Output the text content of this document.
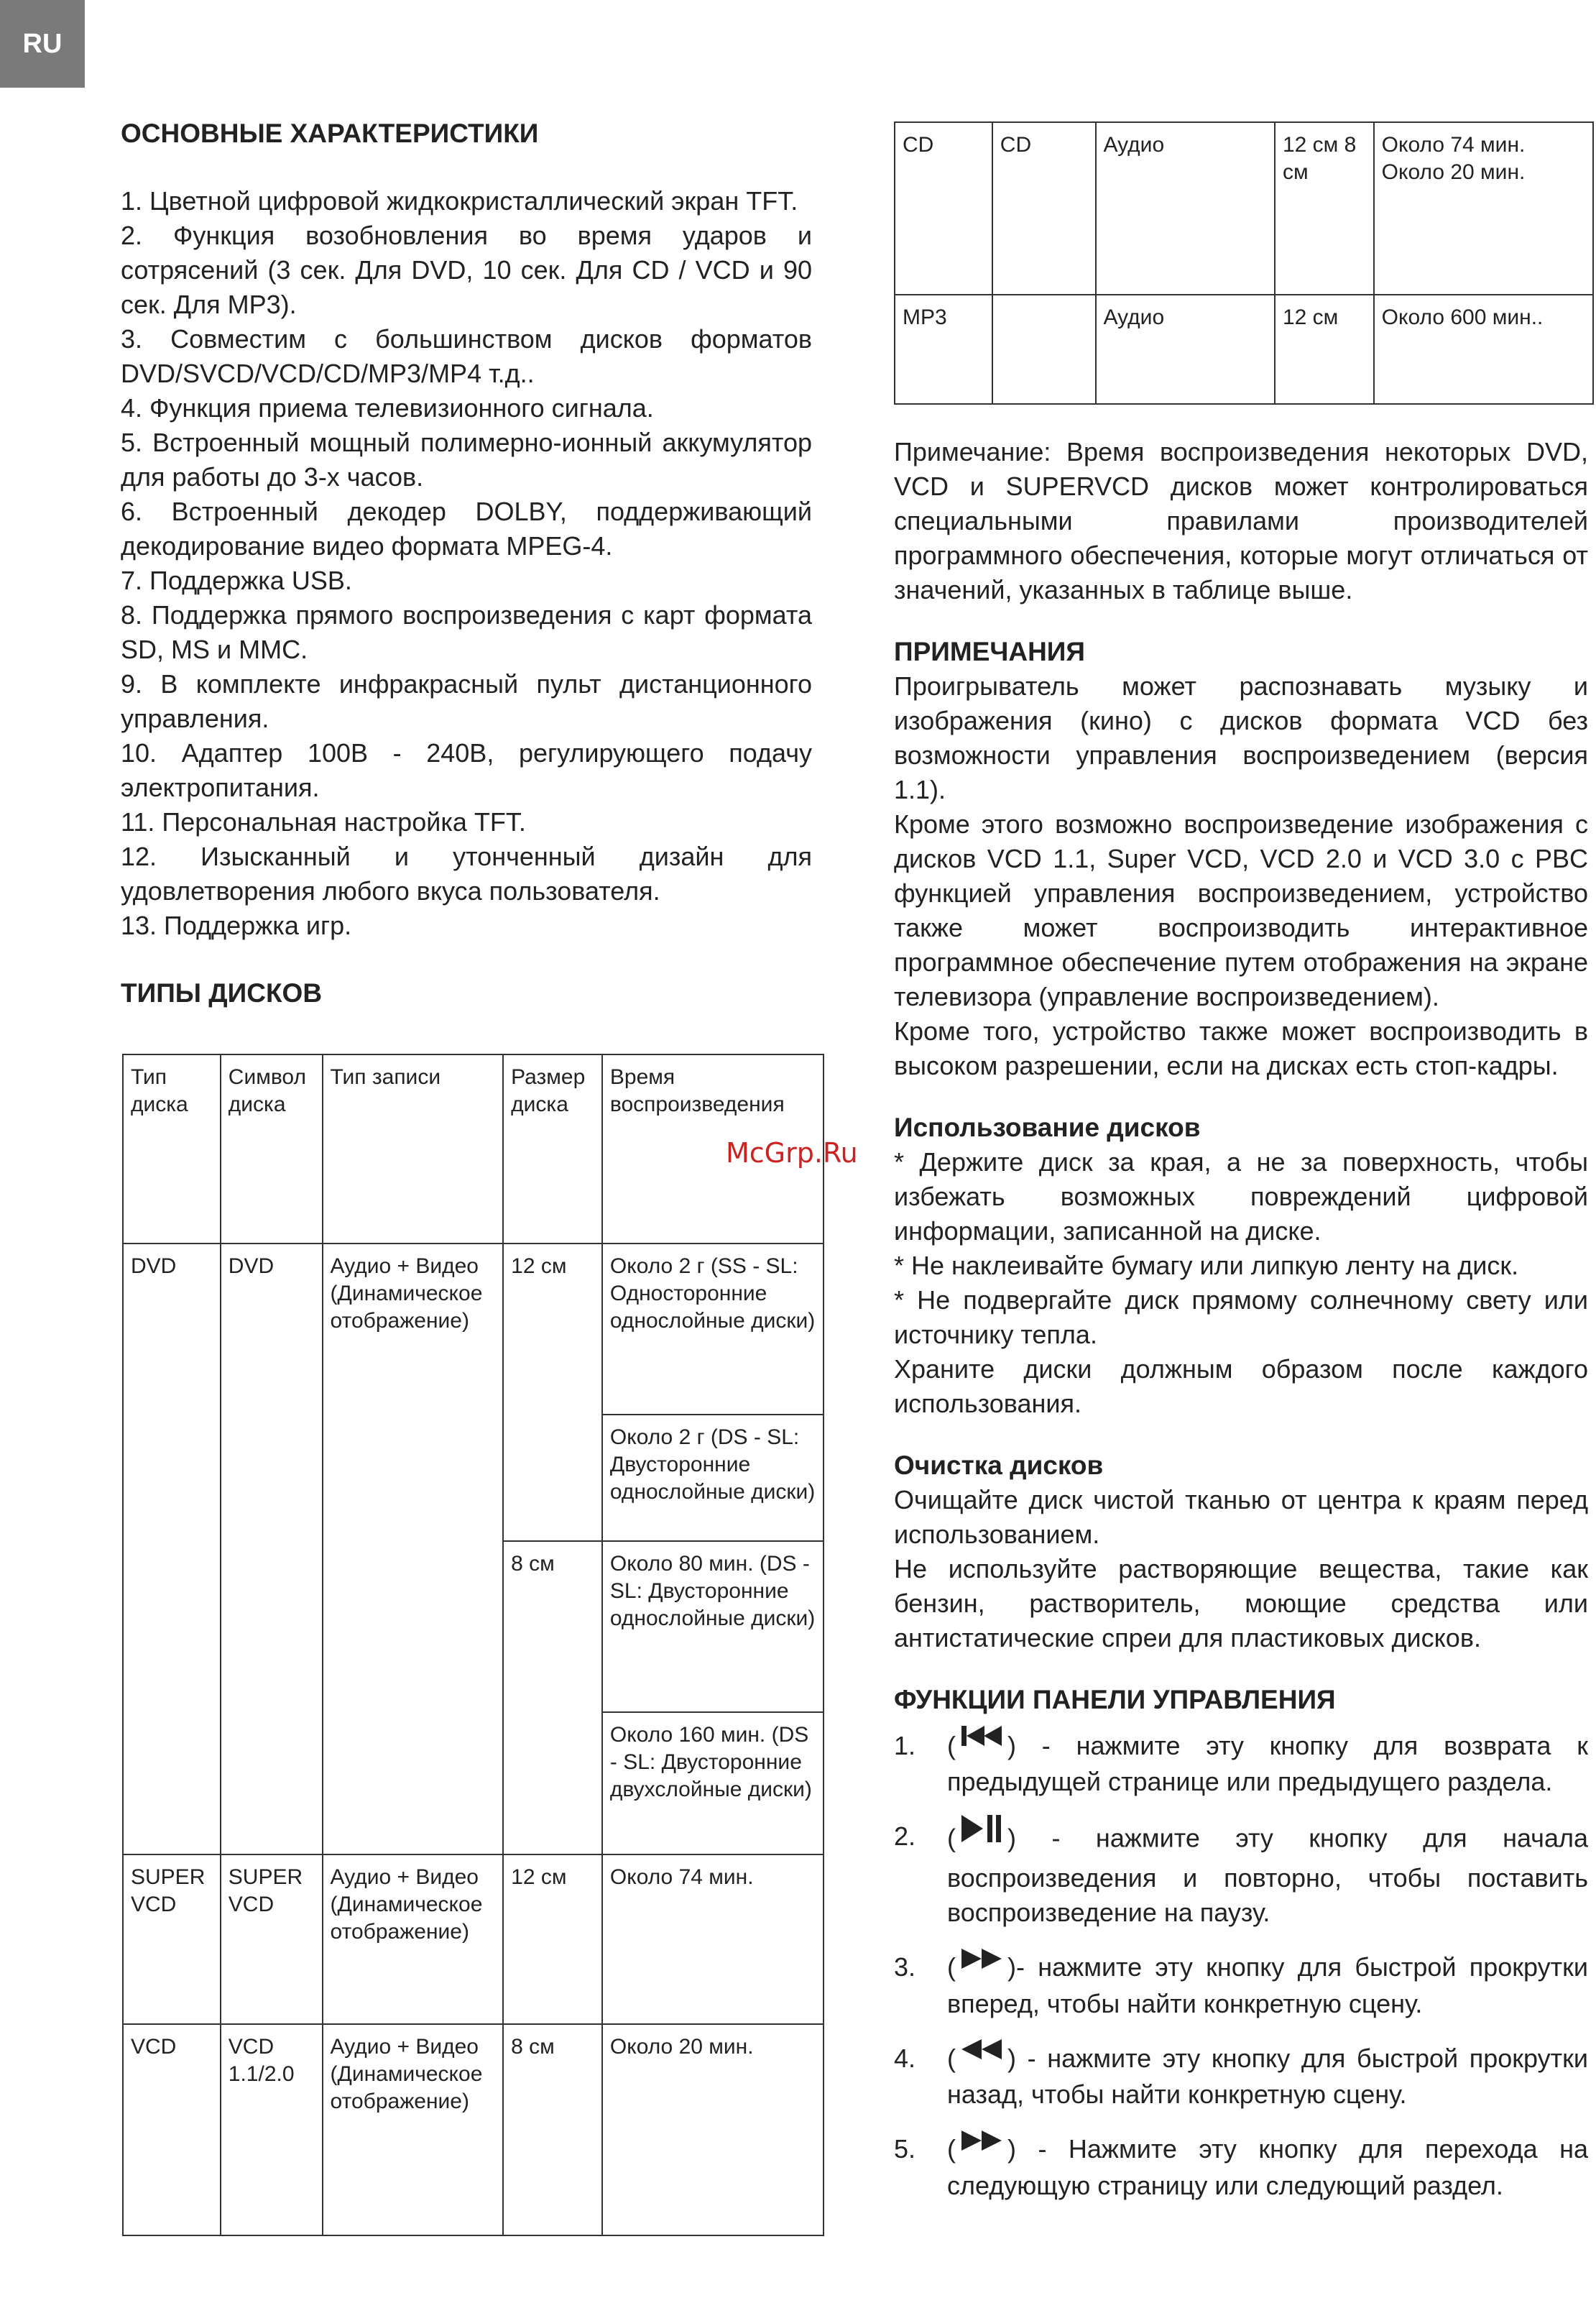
RU
ОСНОВНЫЕ ХАРАКТЕРИСТИКИ

1. Цветной цифровой жидкокристаллический экран TFT.

2. Функция возобновления во время ударов и сотрясений (3 сек. Для DVD, 10 сек. Для CD / VCD и 90 сек. Для MP3).

3. Совместим с большинством дисков форматов DVD/SVCD/VCD/CD/MP3/MP4 т.д..

4. Функция приема телевизионного сигнала.

5. Встроенный мощный полимерно-ионный аккумулятор для работы до 3-х часов.

6. Встроенный декодер DOLBY, поддерживающий декодирование видео формата MPEG-4.

7. Поддержка USB.

8. Поддержка прямого воспроизведения с карт формата SD, MS и MMC.

9. В комплекте инфракрасный пульт дистанционного управления.

10. Адаптер 100В - 240В, регулирующего подачу электропитания.

11. Персональная настройка TFT.

12. Изысканный и утонченный дизайн для удовлетворения любого вкуса пользователя.

13. Поддержка игр.

ТИПЫ ДИСКОВ
Тип диска	Символ диска	Тип записи	Размер диска	Время воспроизведения
DVD	DVD	Аудио + Видео (Динамическое отображение)	12 см	Около 2 г (SS - SL: Односторонние однослойные диски)
				Около 2 г (DS - SL: Двусторонние однослойные диски)
			8 см	Около 80 мин. (DS - SL: Двусторонние однослойные диски)
				Около 160 мин. (DS - SL: Двусторонние двухслойные диски)
SUPER VCD	SUPER VCD	Аудио + Видео (Динамическое отображение)	12 см	Около 74 мин.
VCD	VCD 1.1/2.0	Аудио + Видео (Динамическое отображение)	8 см	Около 20 мин.
McGrp.Ru
CD	CD	Аудио	12 см 8 см	Около 74 мин. Около 20 мин.
MP3		Аудио	12 см	Около 600 мин..

Примечание: Время воспроизведения некоторых DVD, VCD и SUPERVCD дисков может контролироваться специальными правилами производителей программного обеспечения, которые могут отличаться от значений, указанных в таблице выше.

ПРИМЕЧАНИЯ

Проигрыватель может распознавать музыку и изображения (кино) с дисков формата VCD без возможности управления воспроизведением (версия 1.1).

Кроме этого возможно воспроизведение изображения с дисков VCD 1.1, Super VCD, VCD 2.0 и VCD 3.0 с PBC функцией управления воспроизведением, устройство также может воспроизводить интерактивное программное обеспечение путем отображения на экране телевизора (управление воспроизведением).

Кроме того, устройство также может воспроизводить в высоком разрешении, если на дисках есть стоп-кадры.

Использование дисков

* Держите диск за края, а не за поверхность, чтобы избежать возможных повреждений цифровой информации, записанной на диске.

* Не наклеивайте бумагу или липкую ленту на диск.

* Не подвергайте диск прямому солнечному свету или источнику тепла.

Храните диски должным образом после каждого использования.

Очистка дисков

Очищайте диск чистой тканью от центра к краям перед использованием.

Не используйте растворяющие вещества, такие как бензин, растворитель, моющие средства или антистатические спреи для пластиковых дисков.

ФУНКЦИИ ПАНЕЛИ УПРАВЛЕНИЯ
1.	( ) - нажмите эту кнопку для возврата к предыдущей странице или предыдущего раздела.
2.	( ) - нажмите эту кнопку для начала воспроизведения и повторно, чтобы поставить воспроизведение на паузу.
3.	( )- нажмите эту кнопку для быстрой прокрутки вперед, чтобы найти конкретную сцену.
4.	( ) - нажмите эту кнопку для быстрой прокрутки назад, чтобы найти конкретную сцену.
5.	( ) - Нажмите эту кнопку для перехода на следующую страницу или следующий раздел.
